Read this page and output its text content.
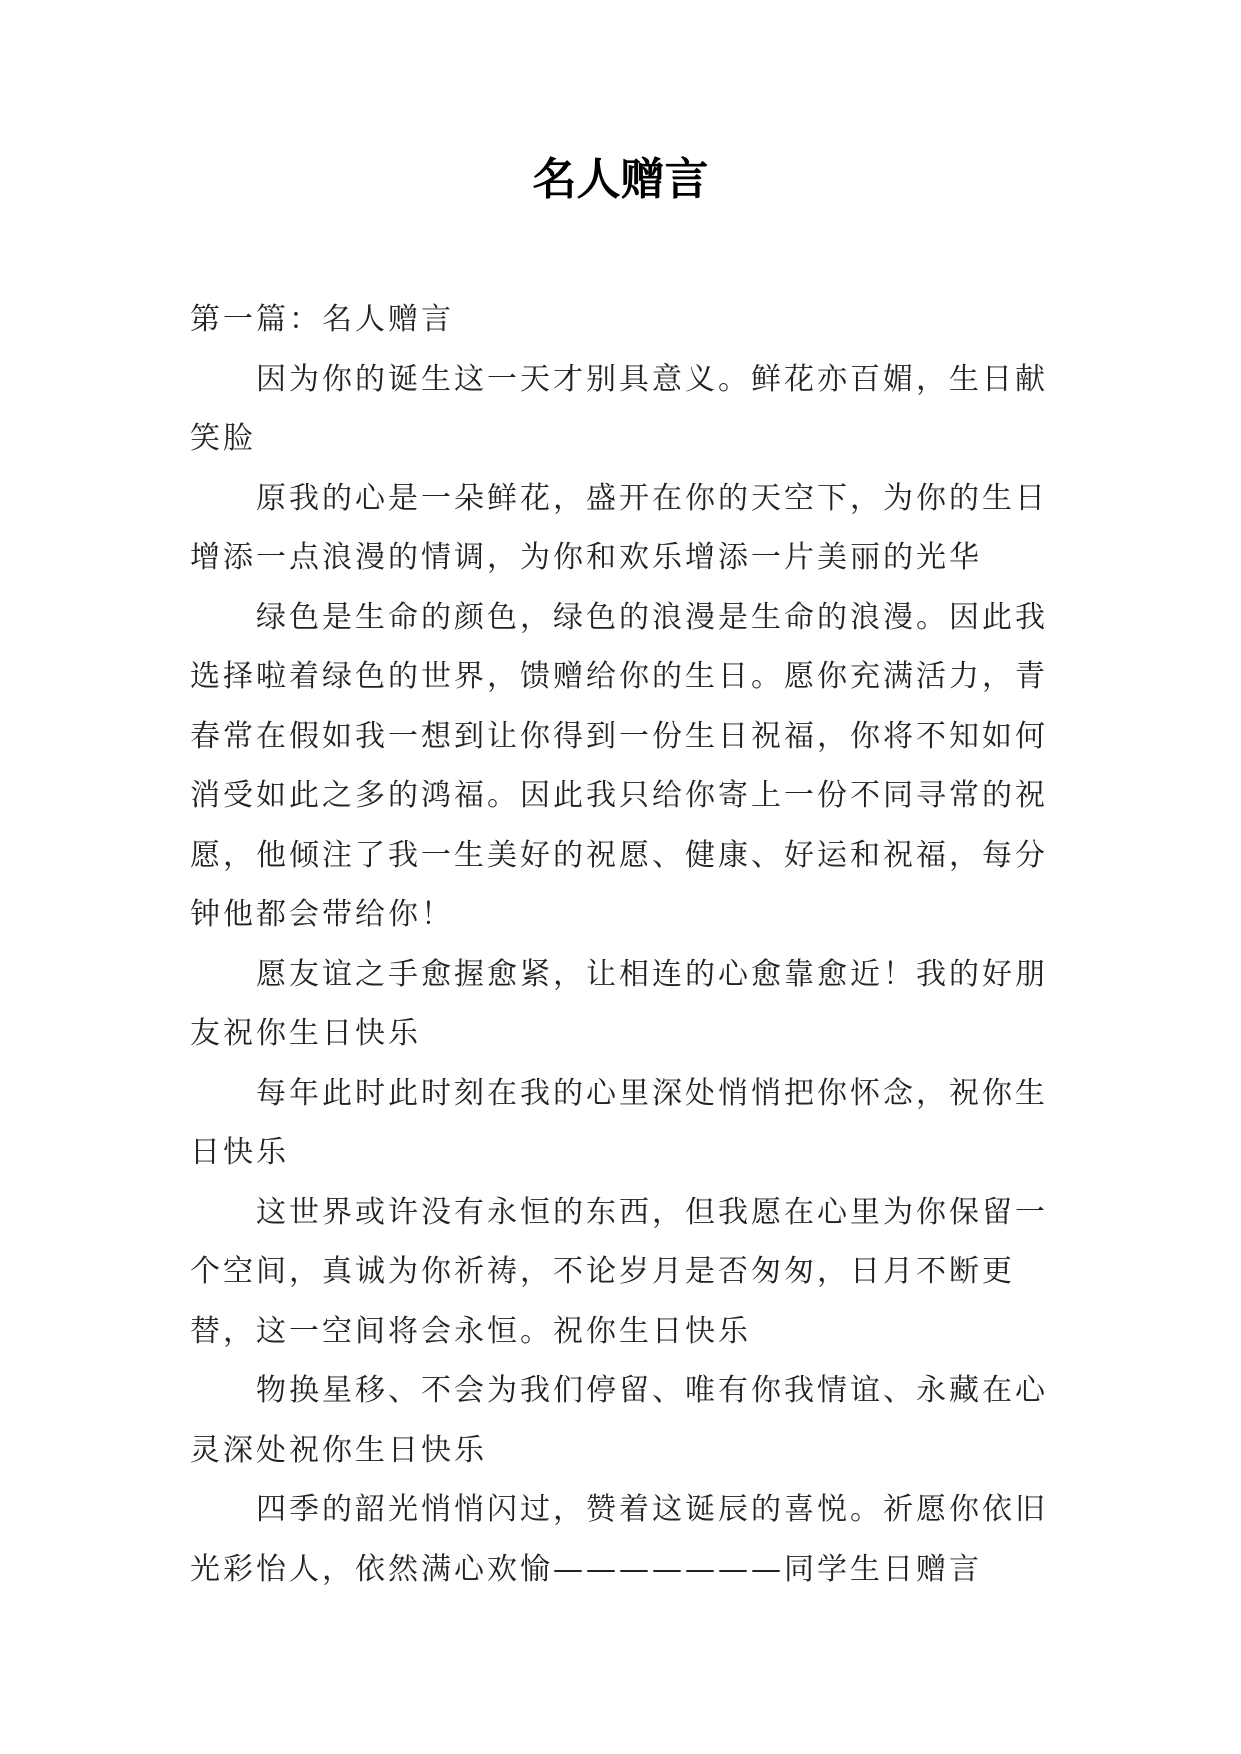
名人赠言

第一篇：名人赠言

因为你的诞生这一天才别具意义。鲜花亦百媚，生日献笑脸

原我的心是一朵鲜花，盛开在你的天空下，为你的生日增添一点浪漫的情调，为你和欢乐增添一片美丽的光华

绿色是生命的颜色，绿色的浪漫是生命的浪漫。因此我选择啦着绿色的世界，馈赠给你的生日。愿你充满活力，青春常在假如我一想到让你得到一份生日祝福，你将不知如何消受如此之多的鸿福。因此我只给你寄上一份不同寻常的祝愿，他倾注了我一生美好的祝愿、健康、好运和祝福，每分钟他都会带给你！

愿友谊之手愈握愈紧，让相连的心愈靠愈近！我的好朋友祝你生日快乐

每年此时此时刻在我的心里深处悄悄把你怀念，祝你生日快乐

这世界或许没有永恒的东西，但我愿在心里为你保留一个空间，真诚为你祈祷，不论岁月是否匆匆，日月不断更替，这一空间将会永恒。祝你生日快乐

物换星移、不会为我们停留、唯有你我情谊、永藏在心灵深处祝你生日快乐

四季的韶光悄悄闪过，赞着这诞辰的喜悦。祈愿你依旧光彩怡人，依然满心欢愉———————同学生日赠言
